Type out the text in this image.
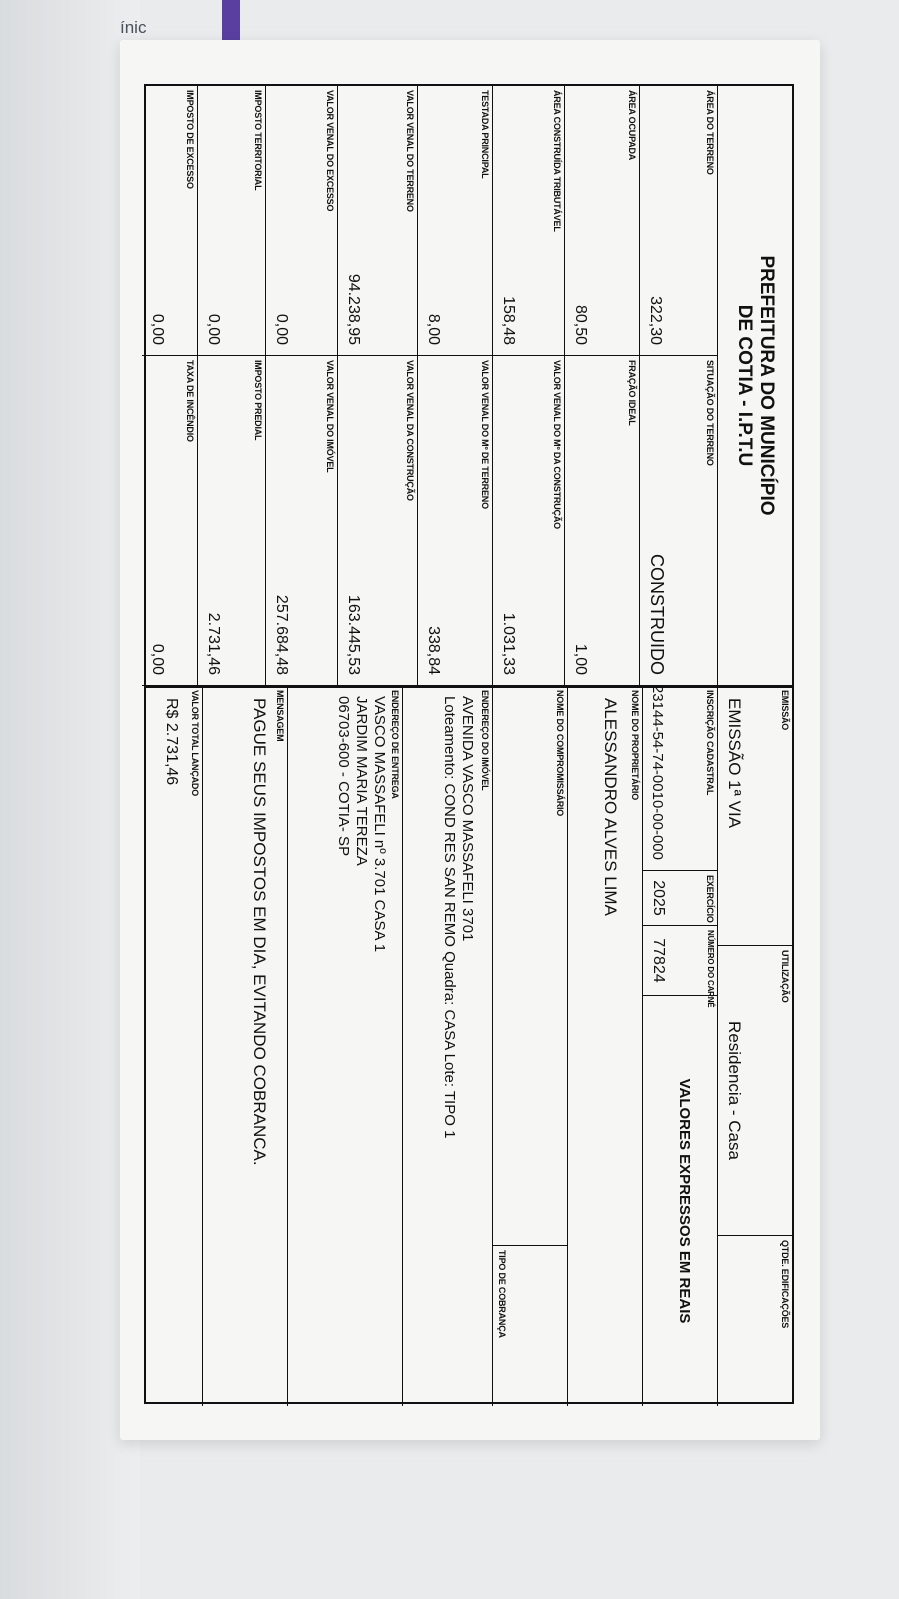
ínic
PREFEITURA DO MUNICÍPIO
DE COTIA - I.P.T.U
ÁREA DO TERRENO
322,30
SITUAÇÃO DO TERRENO
CONSTRUIDO
ÁREA OCUPADA
80,50
FRAÇÃO IDEAL
1,00
ÁREA CONSTRUÍDA TRIBUTÁVEL
158,48
VALOR VENAL DO Mº DA CONSTRUÇÃO
1.031,33
TESTADA PRINCIPAL
8,00
VALOR VENAL DO Mº DE TERRENO
338,84
VALOR VENAL DO TERRENO
94.238,95
VALOR VENAL DA CONSTRUÇÃO
163.445,53
VALOR VENAL DO EXCESSO
0,00
VALOR VENAL DO IMÓVEL
257.684,48
IMPOSTO TERRITORIAL
0,00
IMPOSTO PREDIAL
2.731,46
IMPOSTO DE EXCESSO
0,00
TAXA DE INCÊNDIO
0,00
EMISSÃO
EMISSÃO 1ª VIA
UTILIZAÇÃO
Residencia - Casa
QTDE. EDIFICAÇÕES
INSCRIÇÃO CADASTRAL
23144-54-74-0010-00-000
EXERCÍCIO
2025
NÚMERO DO CARNÊ
77824
VALORES EXPRESSOS EM REAIS
NOME DO PROPRIETÁRIO
ALESSANDRO ALVES LIMA
NOME DO COMPROMISSÁRIO
TIPO DE COBRANÇA
ENDEREÇO DO IMÓVEL
AVENIDA VASCO MASSAFELI 3701
Loteamento: COND RES SAN REMO Quadra: CASA Lote: TIPO 1
ENDEREÇO DE ENTREGA
VASCO MASSAFELI nº 3.701 CASA 1
JARDIM MARIA TEREZA
06703-600 - COTIA- SP
MENSAGEM
PAGUE SEUS IMPOSTOS EM DIA, EVITANDO COBRANCA.
VALOR TOTAL LANÇADO
R$ 2.731,46
